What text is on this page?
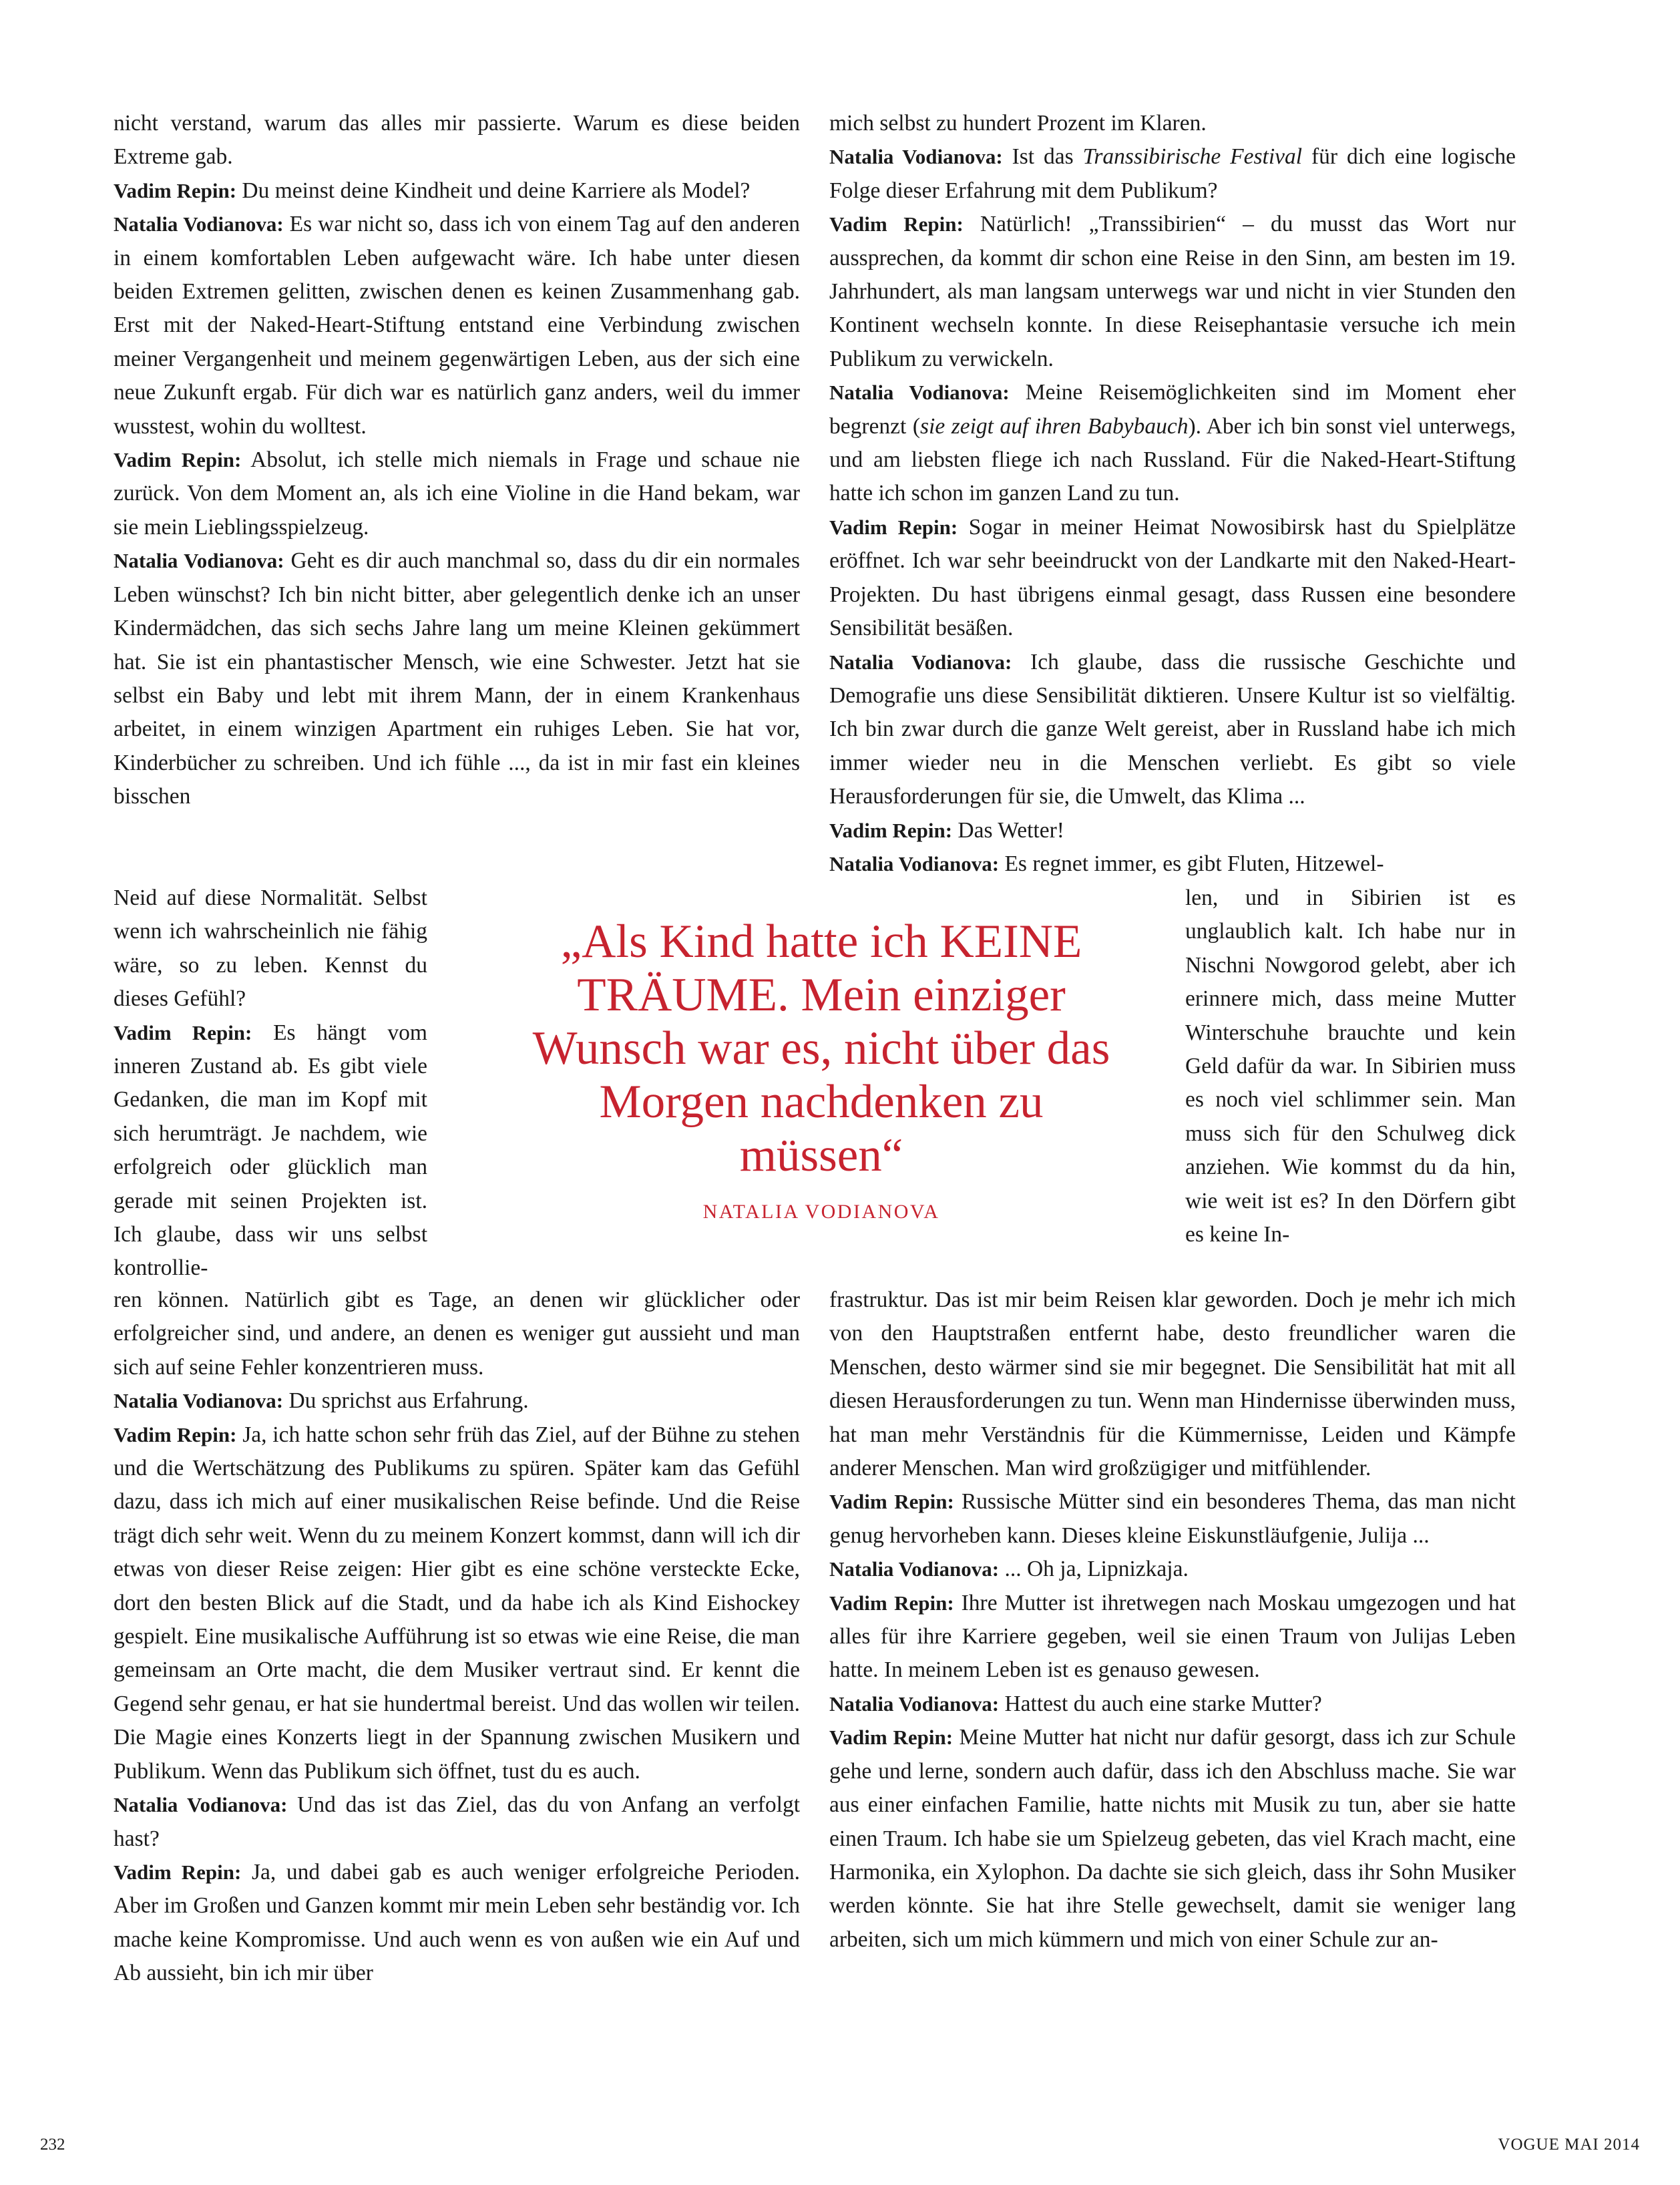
nicht verstand, warum das alles mir passierte. Warum es diese beiden Extreme gab.

Vadim Repin: Du meinst deine Kindheit und deine Karriere als Model?

Natalia Vodianova: Es war nicht so, dass ich von einem Tag auf den anderen in einem komfortablen Leben aufgewacht wäre. Ich habe unter diesen beiden Extremen gelitten, zwischen denen es keinen Zusammenhang gab. Erst mit der Naked-Heart-Stiftung entstand eine Verbindung zwischen meiner Vergangenheit und meinem gegenwärtigen Leben, aus der sich eine neue Zukunft ergab. Für dich war es natürlich ganz anders, weil du immer wusstest, wohin du wolltest.

Vadim Repin: Absolut, ich stelle mich niemals in Frage und schaue nie zurück. Von dem Moment an, als ich eine Violine in die Hand bekam, war sie mein Lieblingsspielzeug.

Natalia Vodianova: Geht es dir auch manchmal so, dass du dir ein normales Leben wünschst? Ich bin nicht bitter, aber gelegentlich denke ich an unser Kindermädchen, das sich sechs Jahre lang um meine Kleinen gekümmert hat. Sie ist ein phantastischer Mensch, wie eine Schwester. Jetzt hat sie selbst ein Baby und lebt mit ihrem Mann, der in einem Krankenhaus arbeitet, in einem winzigen Apartment ein ruhiges Leben. Sie hat vor, Kinderbücher zu schreiben. Und ich fühle ..., da ist in mir fast ein kleines bisschen

Neid auf diese Normalität. Selbst wenn ich wahrscheinlich nie fähig wäre, so zu leben. Kennst du dieses Gefühl?

Vadim Repin: Es hängt vom inneren Zustand ab. Es gibt viele Gedanken, die man im Kopf mit sich herumträgt. Je nachdem, wie erfolgreich oder glücklich man gerade mit seinen Projekten ist. Ich glaube, dass wir uns selbst kontrollie-

ren können. Natürlich gibt es Tage, an denen wir glücklicher oder erfolgreicher sind, und andere, an denen es weniger gut aussieht und man sich auf seine Fehler konzentrieren muss.

Natalia Vodianova: Du sprichst aus Erfahrung.

Vadim Repin: Ja, ich hatte schon sehr früh das Ziel, auf der Bühne zu stehen und die Wertschätzung des Publikums zu spüren. Später kam das Gefühl dazu, dass ich mich auf einer musikalischen Reise befinde. Und die Reise trägt dich sehr weit. Wenn du zu meinem Konzert kommst, dann will ich dir etwas von dieser Reise zeigen: Hier gibt es eine schöne versteckte Ecke, dort den besten Blick auf die Stadt, und da habe ich als Kind Eishockey gespielt. Eine musikalische Aufführung ist so etwas wie eine Reise, die man gemeinsam an Orte macht, die dem Musiker vertraut sind. Er kennt die Gegend sehr genau, er hat sie hundertmal bereist. Und das wollen wir teilen. Die Magie eines Konzerts liegt in der Spannung zwischen Musikern und Publikum. Wenn das Publikum sich öffnet, tust du es auch.

Natalia Vodianova: Und das ist das Ziel, das du von Anfang an verfolgt hast?

Vadim Repin: Ja, und dabei gab es auch weniger erfolgreiche Perioden. Aber im Großen und Ganzen kommt mir mein Leben sehr beständig vor. Ich mache keine Kompromisse. Und auch wenn es von außen wie ein Auf und Ab aussieht, bin ich mir über

mich selbst zu hundert Prozent im Klaren.

Natalia Vodianova: Ist das Transsibirische Festival für dich eine logische Folge dieser Erfahrung mit dem Publikum?

Vadim Repin: Natürlich! „Transsibirien“ – du musst das Wort nur aussprechen, da kommt dir schon eine Reise in den Sinn, am besten im 19. Jahrhundert, als man langsam unterwegs war und nicht in vier Stunden den Kontinent wechseln konnte. In diese Reisephantasie versuche ich mein Publikum zu verwickeln.

Natalia Vodianova: Meine Reisemöglichkeiten sind im Moment eher begrenzt (sie zeigt auf ihren Babybauch). Aber ich bin sonst viel unterwegs, und am liebsten fliege ich nach Russland. Für die Naked-Heart-Stiftung hatte ich schon im ganzen Land zu tun.

Vadim Repin: Sogar in meiner Heimat Nowosibirsk hast du Spielplätze eröffnet. Ich war sehr beeindruckt von der Landkarte mit den Naked-Heart-Projekten. Du hast übrigens einmal gesagt, dass Russen eine besondere Sensibilität besäßen.

Natalia Vodianova: Ich glaube, dass die russische Geschichte und Demografie uns diese Sensibilität diktieren. Unsere Kultur ist so vielfältig. Ich bin zwar durch die ganze Welt gereist, aber in Russland habe ich mich immer wieder neu in die Menschen verliebt. Es gibt so viele Herausforderungen für sie, die Umwelt, das Klima ...

Vadim Repin: Das Wetter!

Natalia Vodianova: Es regnet immer, es gibt Fluten, Hitzewel-

len, und in Sibirien ist es unglaublich kalt. Ich habe nur in Nischni Nowgorod gelebt, aber ich erinnere mich, dass meine Mutter Winterschuhe brauchte und kein Geld dafür da war. In Sibirien muss es noch viel schlimmer sein. Man muss sich für den Schulweg dick anziehen. Wie kommst du da hin, wie weit ist es? In den Dörfern gibt es keine In-

frastruktur. Das ist mir beim Reisen klar geworden. Doch je mehr ich mich von den Hauptstraßen entfernt habe, desto freundlicher waren die Menschen, desto wärmer sind sie mir begegnet. Die Sensibilität hat mit all diesen Herausforderungen zu tun. Wenn man Hindernisse überwinden muss, hat man mehr Verständnis für die Kümmernisse, Leiden und Kämpfe anderer Menschen. Man wird großzügiger und mitfühlender.

Vadim Repin: Russische Mütter sind ein besonderes Thema, das man nicht genug hervorheben kann. Dieses kleine Eiskunstläufgenie, Julija ...

Natalia Vodianova: ... Oh ja, Lipnizkaja.

Vadim Repin: Ihre Mutter ist ihretwegen nach Moskau umgezogen und hat alles für ihre Karriere gegeben, weil sie einen Traum von Julijas Leben hatte. In meinem Leben ist es genauso gewesen.

Natalia Vodianova: Hattest du auch eine starke Mutter?

Vadim Repin: Meine Mutter hat nicht nur dafür gesorgt, dass ich zur Schule gehe und lerne, sondern auch dafür, dass ich den Abschluss mache. Sie war aus einer einfachen Familie, hatte nichts mit Musik zu tun, aber sie hatte einen Traum. Ich habe sie um Spielzeug gebeten, das viel Krach macht, eine Harmonika, ein Xylophon. Da dachte sie sich gleich, dass ihr Sohn Musiker werden könnte. Sie hat ihre Stelle gewechselt, damit sie weniger lang arbeiten, sich um mich kümmern und mich von einer Schule zur an-

„Als Kind hatte ich KEINE TRÄUME. Mein einziger Wunsch war es, nicht über das Morgen nachdenken zu müssen“

NATALIA VODIANOVA
232	VOGUE MAI 2014
